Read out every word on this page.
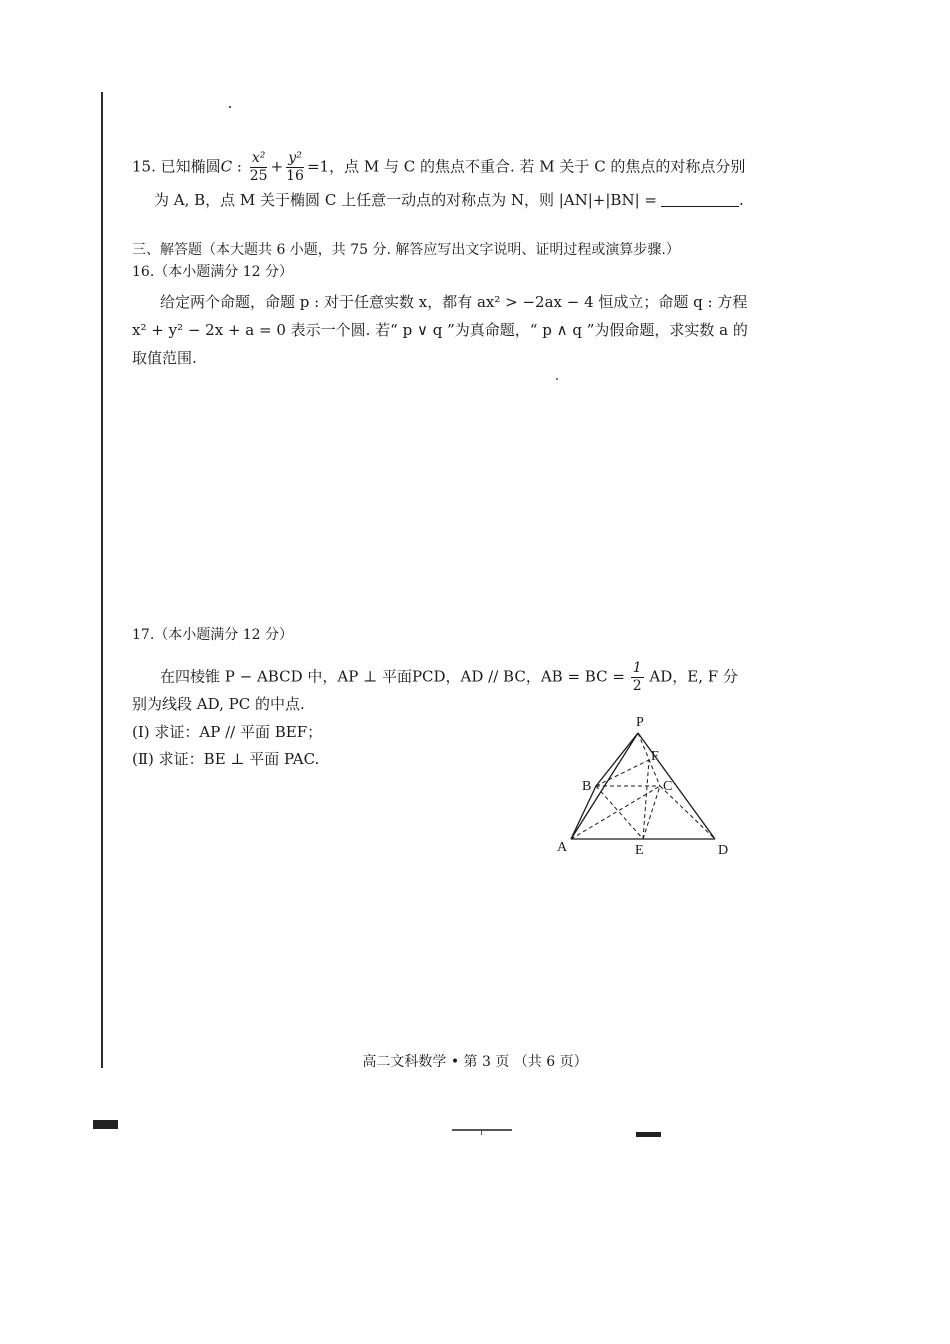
15. 已知椭圆C : $\frac{\text{x²}}{25} + \frac{\text{y²}}{16} =1$，点 M 与 C 的焦点不重合. 若 M 关于 C 的焦点的对称点分别
为 A, B，点 M 关于椭圆 C 上任意一动点的对称点为 N，则 |AN|+|BN| =	.
三、解答题（本大题共 6 小题，共 75 分. 解答应写出文字说明、证明过程或演算步骤.）
16.（本小题满分 12 分）
给定两个命题，命题 p : 对于任意实数 x，都有 ax² > −2ax − 4 恒成立；命题 q : 方程
x² + y² − 2x + a = 0 表示一个圆. 若“ p ∨ q ”为真命题，“ p ∧ q ”为假命题，求实数 a 的
取值范围.
17.（本小题满分 12 分）
在四棱锥 P − ABCD 中，AP ⊥ 平面PCD，AD // BC，AB = BC = $\frac{1}{2}$ AD，E, F 分
别为线段 AD, PC 的中点.
(Ⅰ) 求证：AP // 平面 BEF；
(Ⅱ) 求证：BE ⊥ 平面 PAC.
P
F
B	C
A	E	D
高二文科数学 • 第 3 页 （共 6 页）
